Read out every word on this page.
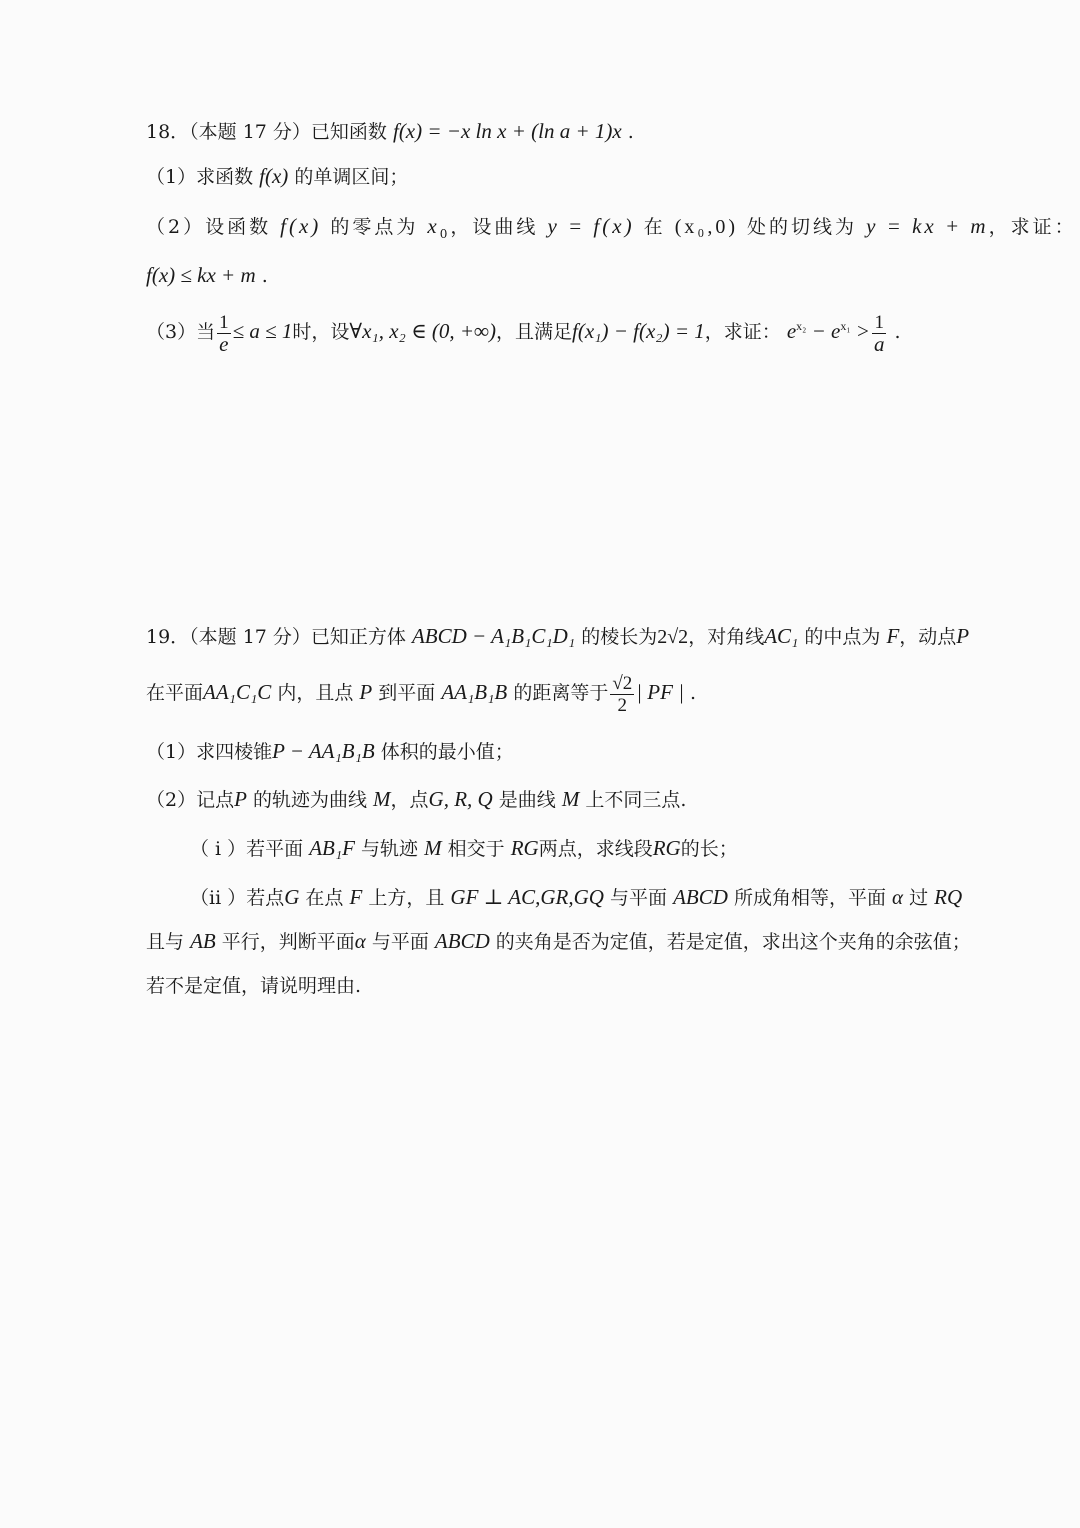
18．（本题 17 分）已知函数 f(x) = −x ln x + (ln a + 1)x .
（1）求函数 f(x) 的单调区间；
（2）设函数 f(x) 的零点为 $x_0$，设曲线 y = f(x) 在 (x₀,0) 处的切线为 y = kx + m，求证：
f(x) ≤ kx + m .
（3）当 $\frac{1}{e} \le a \le 1$时，设∀x₁, x₂ ∈ (0, +∞)，且满足f(x₁) − f(x₂) = 1，求证： $e^{x_2} - e^{x_1} > \frac{1}{a}$ .
19．（本题 17 分）已知正方体 ABCD − A₁B₁C₁D₁ 的棱长为2√2，对角线AC₁ 的中点为 F，动点P
在平面AA₁C₁C 内，且点 P 到平面 AA₁B₁B 的距离等于 $\frac{√2}{2}$ | PF | .
（1）求四棱锥P − AA₁B₁B 体积的最小值；
（2）记点P 的轨迹为曲线 M，点G, R, Q 是曲线 M 上不同三点.
（ i ）若平面 AB₁F 与轨迹 M 相交于 RG两点，求线段RG的长；
（ii ）若点G 在点 F 上方，且 GF ⊥ AC,GR,GQ 与平面 ABCD 所成角相等，平面 α 过 RQ
且与 AB 平行，判断平面α 与平面 ABCD 的夹角是否为定值，若是定值，求出这个夹角的余弦值；
若不是定值，请说明理由.
